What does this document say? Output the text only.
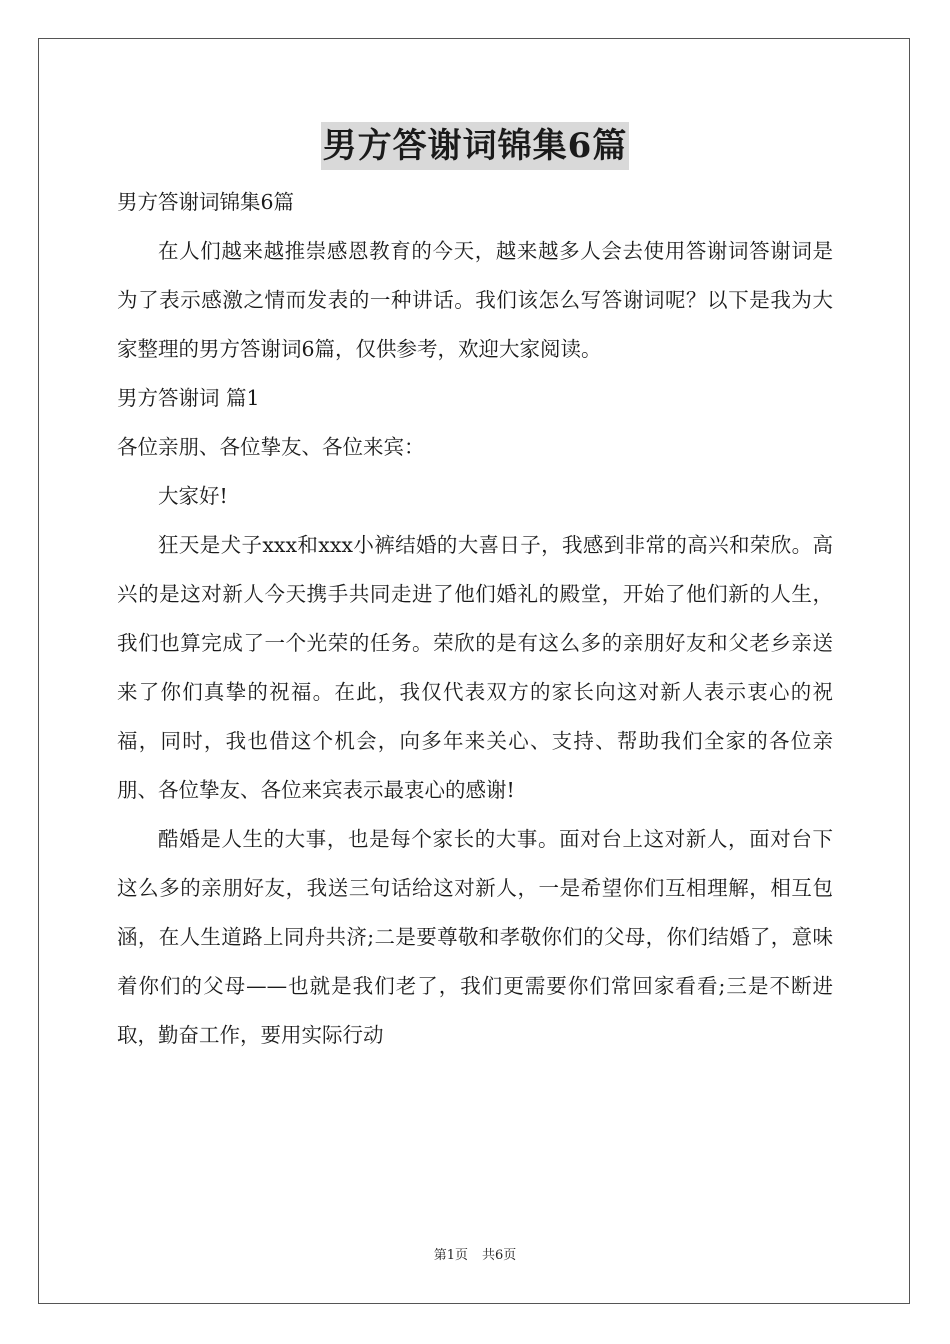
男方答谢词锦集6篇

男方答谢词锦集6篇

在人们越来越推崇感恩教育的今天，越来越多人会去使用答谢词答谢词是为了表示感激之情而发表的一种讲话。我们该怎么写答谢词呢？以下是我为大家整理的男方答谢词6篇，仅供参考，欢迎大家阅读。

男方答谢词 篇1

各位亲朋、各位挚友、各位来宾：

大家好!

狂天是犬子xxx和xxx小裤结婚的大喜日子，我感到非常的高兴和荣欣。高兴的是这对新人今天携手共同走进了他们婚礼的殿堂，开始了他们新的人生，我们也算完成了一个光荣的任务。荣欣的是有这么多的亲朋好友和父老乡亲送来了你们真挚的祝福。在此，我仅代表双方的家长向这对新人表示衷心的祝福，同时，我也借这个机会，向多年来关心、支持、帮助我们全家的各位亲朋、各位挚友、各位来宾表示最衷心的感谢!

酷婚是人生的大事，也是每个家长的大事。面对台上这对新人，面对台下这么多的亲朋好友，我送三句话给这对新人，一是希望你们互相理解，相互包涵，在人生道路上同舟共济;二是要尊敬和孝敬你们的父母，你们结婚了，意味着你们的父母——也就是我们老了，我们更需要你们常回家看看;三是不断进取，勤奋工作，要用实际行动

第1页 共6页
